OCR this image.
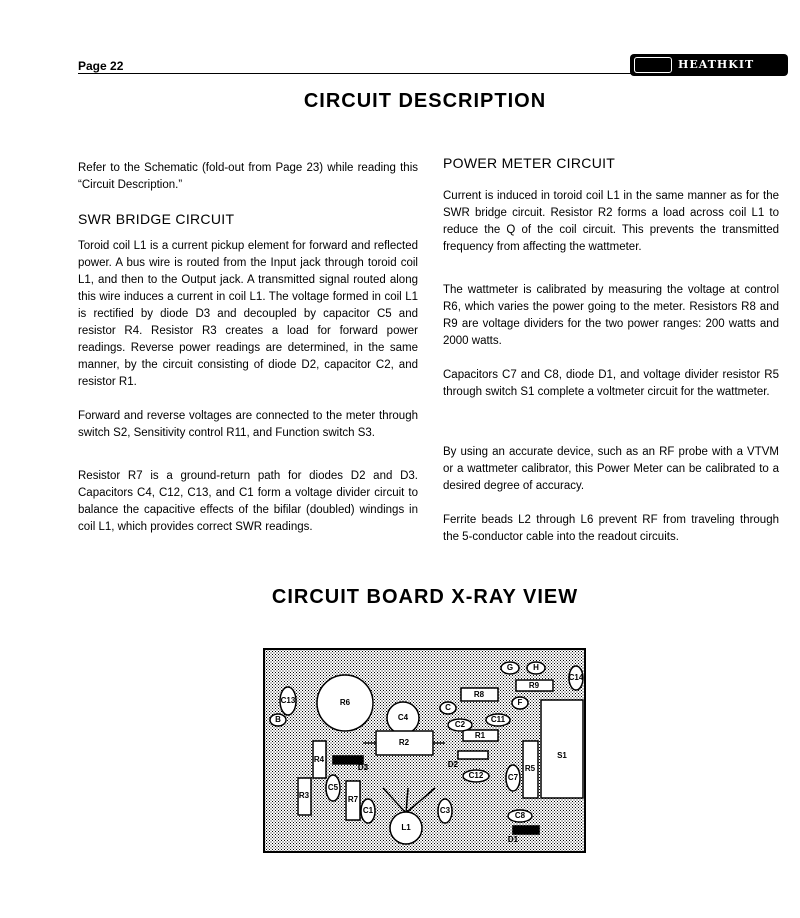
Page 22	HEATHKIT
CIRCUIT DESCRIPTION

Refer to the Schematic (fold-out from Page 23) while reading this “Circuit Description.”

SWR BRIDGE CIRCUIT

Toroid coil L1 is a current pickup element for forward and reflected power. A bus wire is routed from the Input jack through toroid coil L1, and then to the Output jack. A transmitted signal routed along this wire induces a current in coil L1. The voltage formed in coil L1 is rectified by diode D3 and decoupled by capacitor C5 and resistor R4. Resistor R3 creates a load for forward power readings. Reverse power readings are determined, in the same manner, by the circuit consisting of diode D2, capacitor C2, and resistor R1.

Forward and reverse voltages are connected to the meter through switch S2, Sensitivity control R11, and Function switch S3.

Resistor R7 is a ground-return path for diodes D2 and D3. Capacitors C4, C12, C13, and C1 form a voltage divider circuit to balance the capacitive effects of the bifilar (doubled) windings in coil L1, which provides correct SWR readings.

POWER METER CIRCUIT

Current is induced in toroid coil L1 in the same manner as for the SWR bridge circuit. Resistor R2 forms a load across coil L1 to reduce the Q of the coil circuit. This prevents the transmitted frequency from affecting the wattmeter.

The wattmeter is calibrated by measuring the voltage at control R6, which varies the power going to the meter. Resistors R8 and R9 are voltage dividers for the two power ranges: 200 watts and 2000 watts.

Capacitors C7 and C8, diode D1, and voltage divider resistor R5 through switch S1 complete a voltmeter circuit for the wattmeter.

By using an accurate device, such as an RF probe with a VTVM or a wattmeter calibrator, this Power Meter can be calibrated to a desired degree of accuracy.

Ferrite beads L2 through L6 prevent RF from traveling through the 5-conductor cable into the readout circuits.

CIRCUIT BOARD X-RAY VIEW
R6
C4
R2
L1
R8
R9
R1
S1
R3	R7
R4
R5
C13
B
G H
C14
F
C
C2
C11
C12
C5
C1	C3
C7
C8
D1
D2
D3
